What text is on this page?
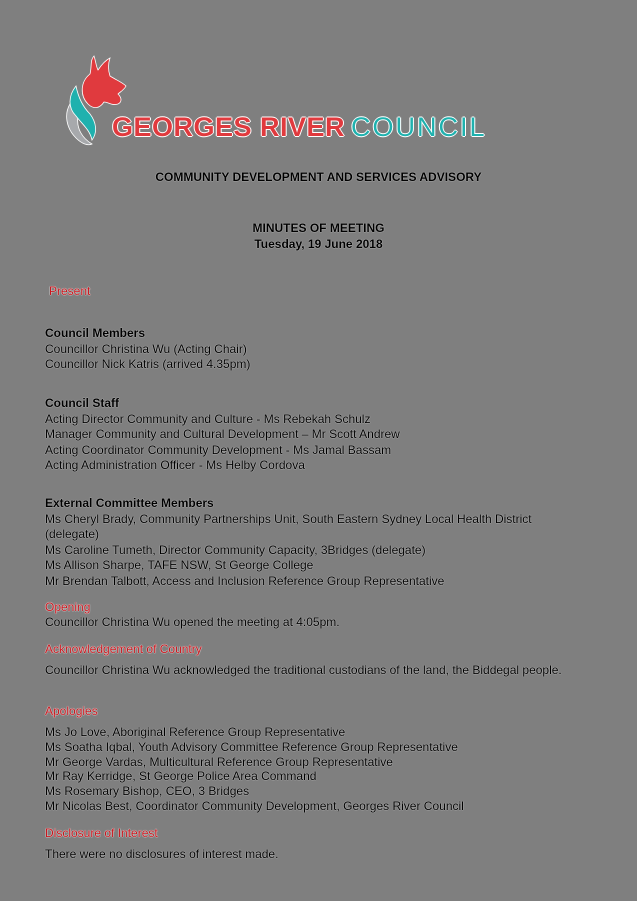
GEORGES RIVER COUNCIL
COMMUNITY DEVELOPMENT AND SERVICES ADVISORY
MINUTES OF MEETING
Tuesday, 19 June 2018
Present
Council Members
Councillor Christina Wu (Acting Chair)
Councillor Nick Katris (arrived 4.35pm)
Council Staff
Acting Director Community and Culture - Ms Rebekah Schulz
Manager Community and Cultural Development – Mr Scott Andrew
Acting Coordinator Community Development - Ms Jamal Bassam
Acting Administration Officer - Ms Helby Cordova
External Committee Members
Ms Cheryl Brady, Community Partnerships Unit, South Eastern Sydney Local Health District
(delegate)
Ms Caroline Tumeth, Director Community Capacity, 3Bridges (delegate)
Ms Allison Sharpe, TAFE NSW, St George College
Mr Brendan Talbott, Access and Inclusion Reference Group Representative
Opening
Councillor Christina Wu opened the meeting at 4:05pm.
Acknowledgement of Country
Councillor Christina Wu acknowledged the traditional custodians of the land, the Biddegal people.
Apologies
Ms Jo Love, Aboriginal Reference Group Representative
Ms Soatha Iqbal, Youth Advisory Committee Reference Group Representative
Mr George Vardas, Multicultural Reference Group Representative
Mr Ray Kerridge, St George Police Area Command
Ms Rosemary Bishop, CEO, 3 Bridges
Mr Nicolas Best, Coordinator Community Development, Georges River Council
Disclosure of Interest
There were no disclosures of interest made.
